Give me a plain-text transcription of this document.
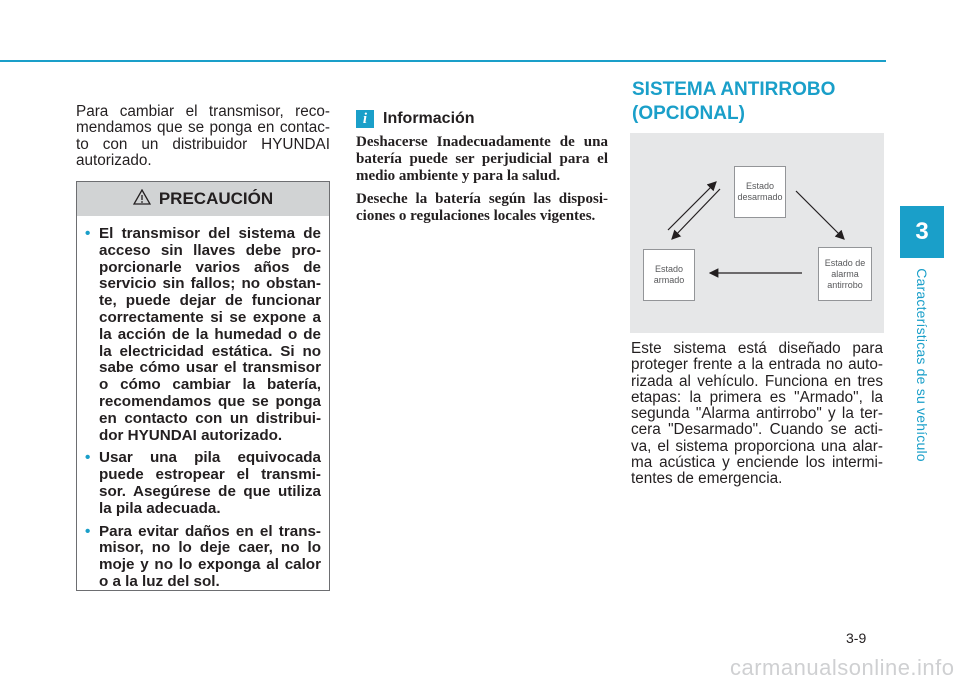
3
Características de su vehículo
Para cambiar el transmisor, reco-mendamos que se ponga en contac-to con un distribuidor HYUNDAI autorizado.
PRECAUCIÓN
• El transmisor del sistema de acceso sin llaves debe pro-porcionarle varios años de servicio sin fallos; no obstan-te, puede dejar de funcionar correctamente si se expone a la acción de la humedad o de la electricidad estática. Si no sabe cómo usar el transmisor o cómo cambiar la batería, recomendamos que se ponga en contacto con un distribui-dor HYUNDAI autorizado.
• Usar una pila equivocada puede estropear el transmi-sor. Asegúrese de que utiliza la pila adecuada.
• Para evitar daños en el trans-misor, no lo deje caer, no lo moje y no lo exponga al calor o a la luz del sol.
i Información

Deshacerse Inadecuadamente de una batería puede ser perjudicial para el medio ambiente y para la salud.

Deseche la batería según las disposi-ciones o regulaciones locales vigentes.

SISTEMA ANTIRROBO (OPCIONAL)
Estado desarmado
Estado de alarma antirrobo
Estado armado
Este sistema está diseñado para proteger frente a la entrada no auto-rizada al vehículo. Funciona en tres etapas: la primera es "Armado", la segunda "Alarma antirrobo" y la ter-cera "Desarmado". Cuando se acti-va, el sistema proporciona una alar-ma acústica y enciende los intermi-tentes de emergencia.
3-9
carmanualsonline.info
